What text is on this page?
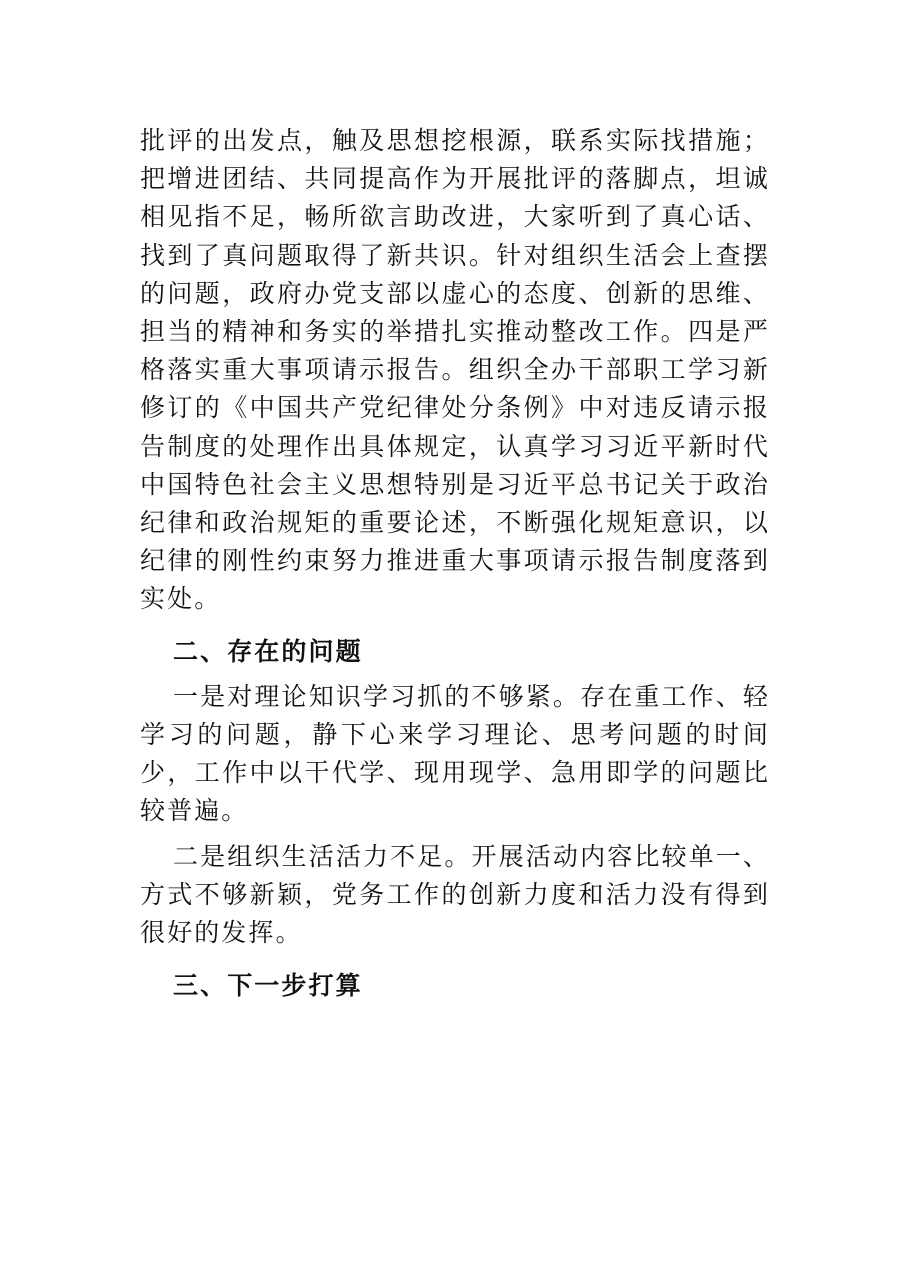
批评的出发点，触及思想挖根源，联系实际找措施；把增进团结、共同提高作为开展批评的落脚点，坦诚相见指不足，畅所欲言助改进，大家听到了真心话、找到了真问题取得了新共识。针对组织生活会上查摆的问题，政府办党支部以虚心的态度、创新的思维、担当的精神和务实的举措扎实推动整改工作。四是严格落实重大事项请示报告。组织全办干部职工学习新修订的《中国共产党纪律处分条例》中对违反请示报告制度的处理作出具体规定，认真学习习近平新时代中国特色社会主义思想特别是习近平总书记关于政治纪律和政治规矩的重要论述，不断强化规矩意识，以纪律的刚性约束努力推进重大事项请示报告制度落到实处。

二、存在的问题

一是对理论知识学习抓的不够紧。存在重工作、轻学习的问题，静下心来学习理论、思考问题的时间少，工作中以干代学、现用现学、急用即学的问题比较普遍。

二是组织生活活力不足。开展活动内容比较单一、方式不够新颖，党务工作的创新力度和活力没有得到很好的发挥。

三、下一步打算
